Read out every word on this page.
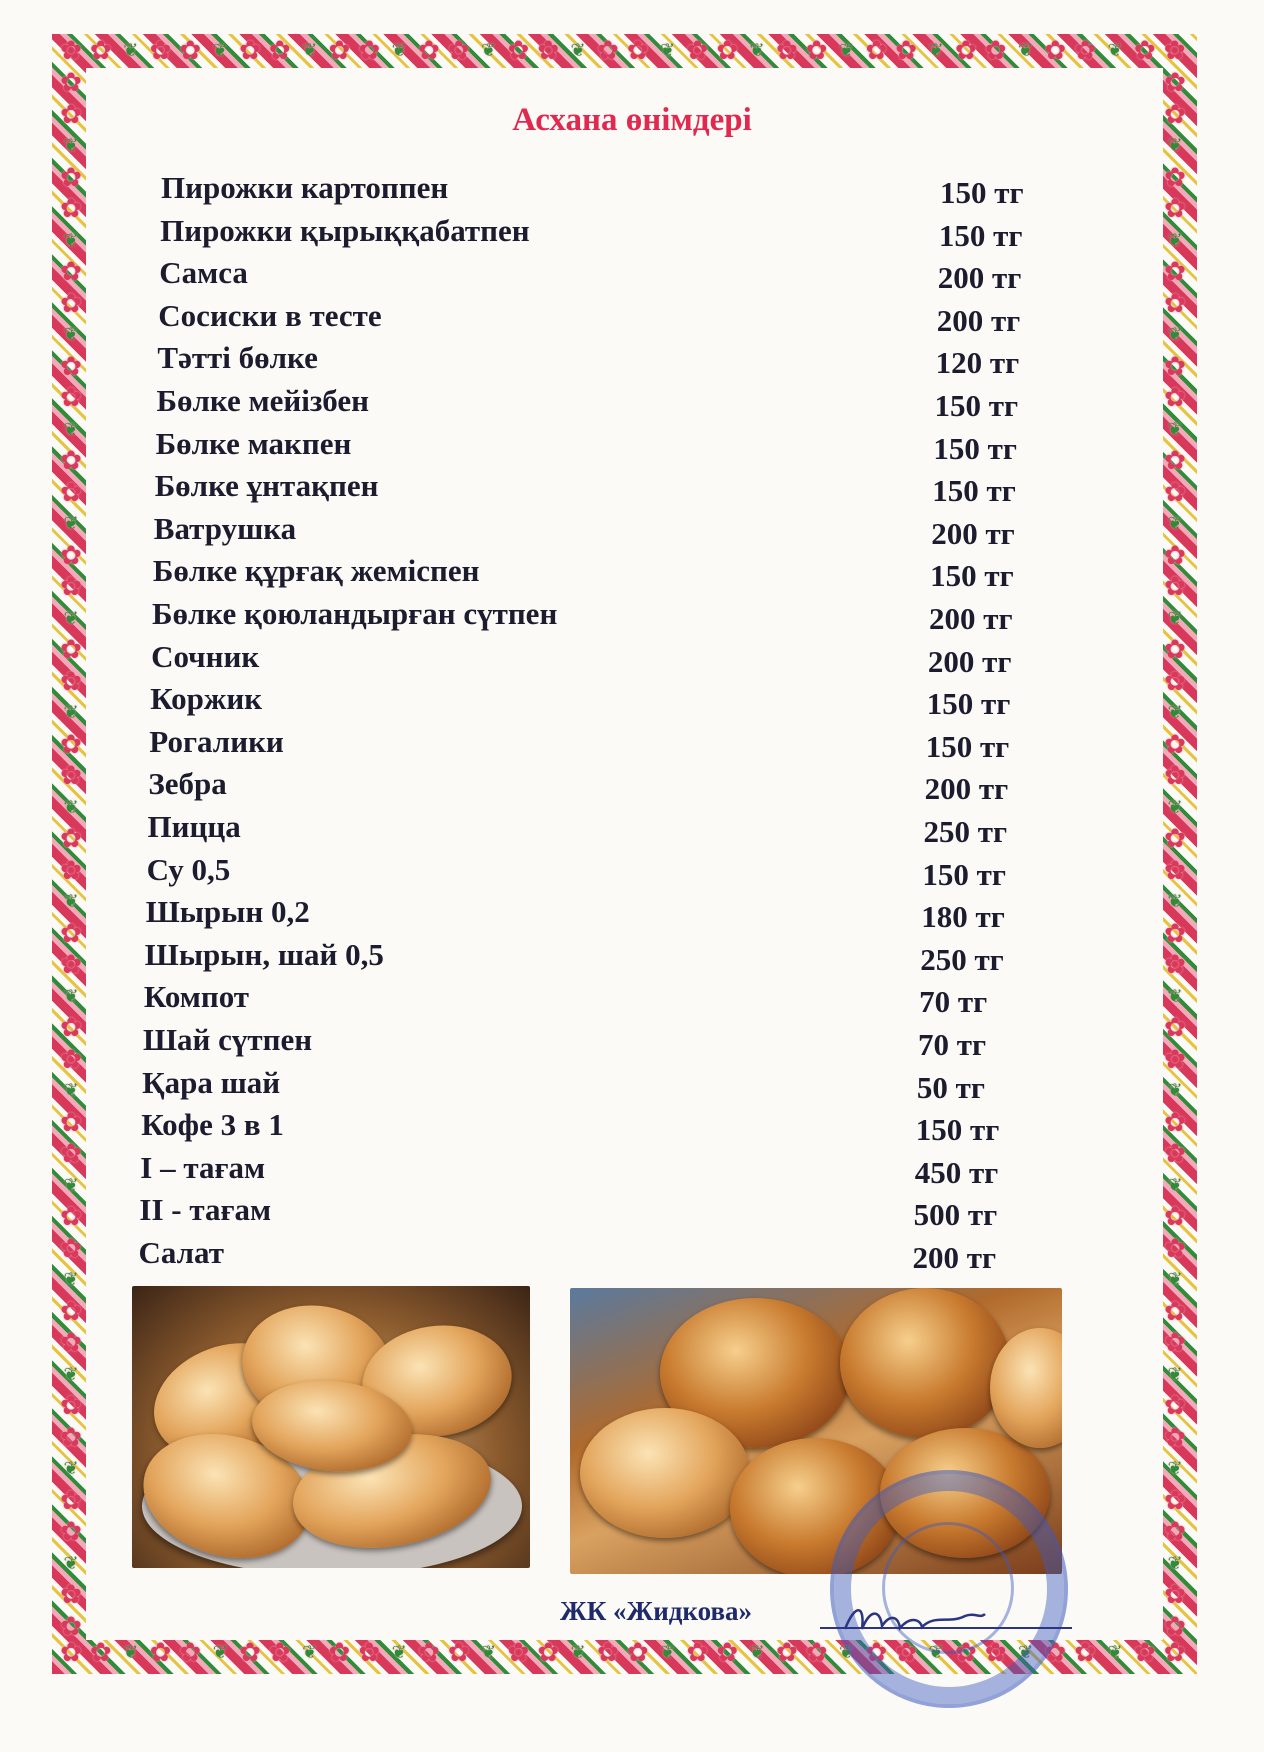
✿ ✿ ❦ ✿ ✿ ❦ ✿ ✿ ❦ ✿ ✿ ❦ ✿ ✿ ❦ ✿ ✿ ❦ ✿ ✿ ❦ ✿ ✿ ❦ ✿ ✿ ❦ ✿ ✿ ❦ ✿ ✿ ❦ ✿ ✿ ❦ ✿ ✿
✿ ✿ ❦ ✿ ✿ ❦ ✿ ✿ ❦ ✿ ✿ ❦ ✿ ✿ ❦ ✿ ✿ ❦ ✿ ✿ ❦ ✿ ✿ ❦ ✿ ✿ ❦ ✿ ✿ ❦ ✿ ✿ ❦ ✿ ✿ ❦ ✿ ✿
✿
✿
❦
✿
✿
❦
✿
✿
❦
✿
✿
❦
✿
✿
❦
✿
✿
❦
✿
✿
❦
✿
✿
❦
✿
✿
❦
✿
✿
❦
✿
✿
❦
✿
✿
❦
✿
✿
❦
✿
✿
❦
✿
✿
❦
✿
✿
❦
✿
✿
✿
✿
❦
✿
✿
❦
✿
✿
❦
✿
✿
❦
✿
✿
❦
✿
✿
❦
✿
✿
❦
✿
✿
❦
✿
✿
❦
✿
✿
❦
✿
✿
❦
✿
✿
❦
✿
✿
❦
✿
✿
❦
✿
✿
❦
✿
✿
❦
✿
✿
Асхана өнімдері
Пирожки картоппен	150 тг
Пирожки қырыққабатпен	150 тг
Самса	200 тг
Сосиски в тесте	200 тг
Тәтті бөлке	120 тг
Бөлке мейізбен	150 тг
Бөлке макпен	150 тг
Бөлке ұнтақпен	150 тг
Ватрушка	200 тг
Бөлке құрғақ жеміспен	150 тг
Бөлке қоюландырған сүтпен	200 тг
Сочник	200 тг
Коржик	150 тг
Рогалики	150 тг
Зебра	200 тг
Пицца	250 тг
Су 0,5	150 тг
Шырын 0,2	180 тг
Шырын, шай 0,5	250 тг
Компот	70 тг
Шай сүтпен	70 тг
Қара шай	50 тг
Кофе 3 в 1	150 тг
І – тағам	450 тг
ІІ - тағам	500 тг
Салат	200 тг
ЖК «Жидкова»
